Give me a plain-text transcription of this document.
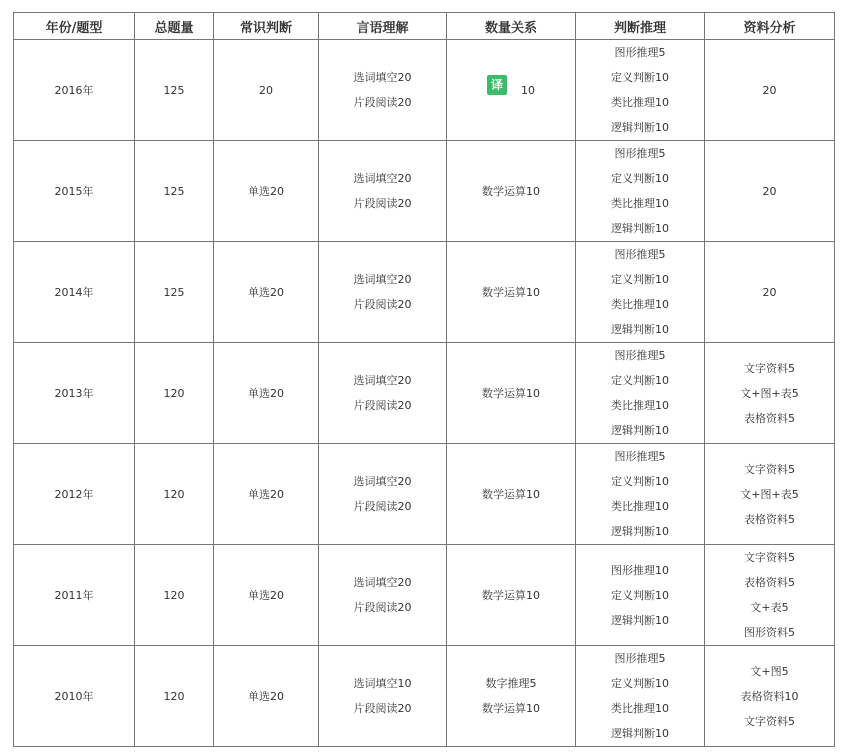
年份/题型	总题量	常识判断	言语理解	数量关系	判断推理	资料分析
2016年	125	20	选词填空20
片段阅读20	译 10	图形推理5
定义判断10
类比推理10
逻辑判断10	20

2015年	125	单选20	选词填空20
片段阅读20	数学运算10	图形推理5
定义判断10
类比推理10
逻辑判断10	20

2014年	125	单选20	选词填空20
片段阅读20	数学运算10	图形推理5
定义判断10
类比推理10
逻辑判断10	20

2013年	120	单选20	选词填空20
片段阅读20	数学运算10	图形推理5
定义判断10
类比推理10
逻辑判断10	文字资料5
文+图+表5
表格资料5

2012年	120	单选20	选词填空20
片段阅读20	数学运算10	图形推理5
定义判断10
类比推理10
逻辑判断10	文字资料5
文+图+表5
表格资料5

2011年	120	单选20	选词填空20
片段阅读20	数学运算10	图形推理10
定义判断10
逻辑判断10	文字资料5
表格资料5
文+表5
图形资料5

2010年	120	单选20	选词填空10
片段阅读20	数字推理5
数学运算10	图形推理5
定义判断10
类比推理10
逻辑判断10	文+图5
表格资料10
文字资料5
